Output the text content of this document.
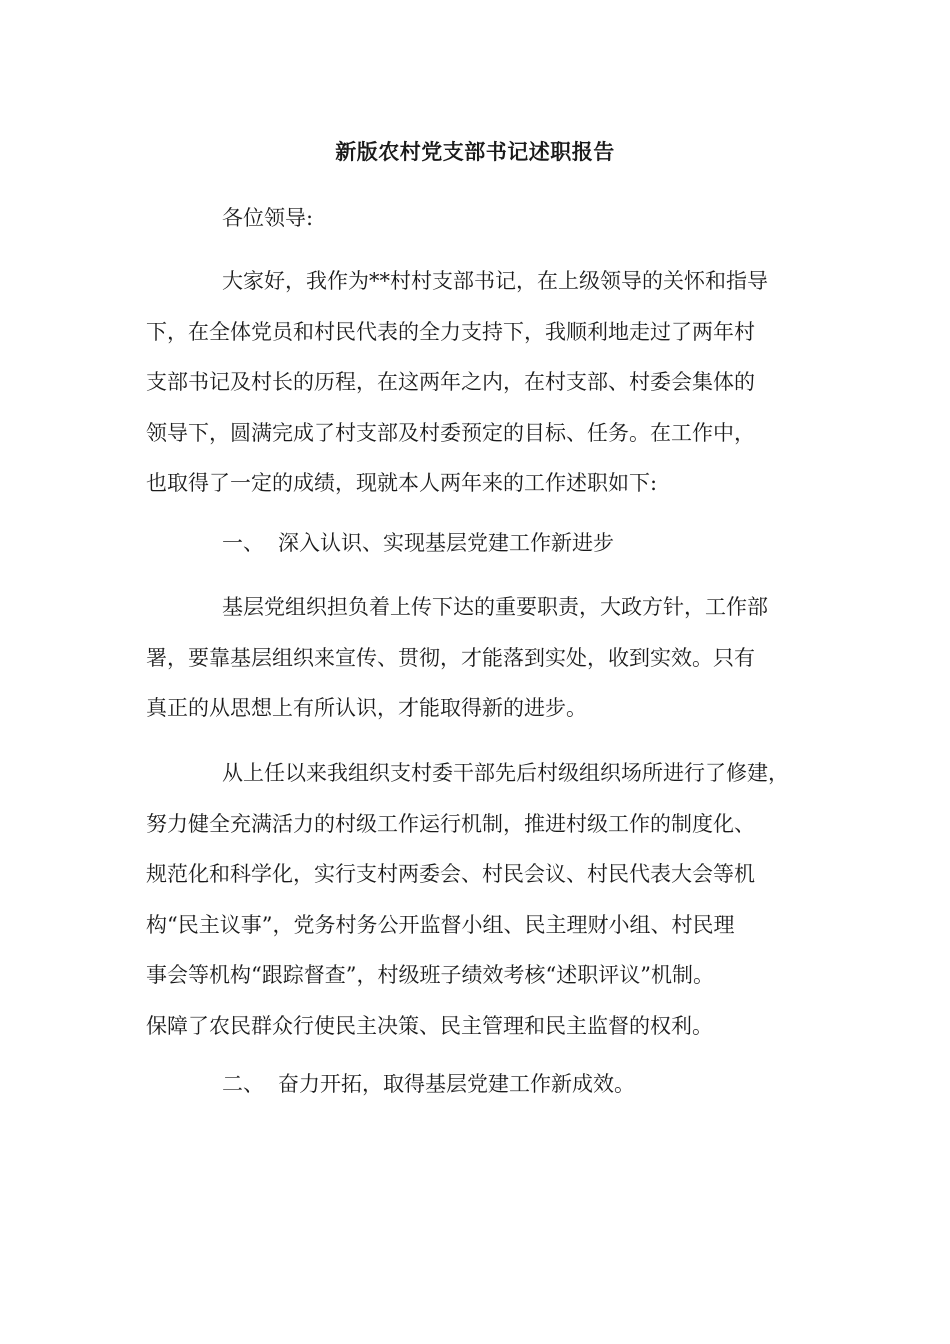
新版农村党支部书记述职报告
各位领导:
大家好，我作为**村村支部书记，在上级领导的关怀和指导
下，在全体党员和村民代表的全力支持下，我顺利地走过了两年村
支部书记及村长的历程，在这两年之内，在村支部、村委会集体的
领导下，圆满完成了村支部及村委预定的目标、任务。在工作中，
也取得了一定的成绩，现就本人两年来的工作述职如下:
一、 深入认识、实现基层党建工作新进步
基层党组织担负着上传下达的重要职责，大政方针，工作部
署，要靠基层组织来宣传、贯彻，才能落到实处，收到实效。只有
真正的从思想上有所认识，才能取得新的进步。
从上任以来我组织支村委干部先后村级组织场所进行了修建，
努力健全充满活力的村级工作运行机制，推进村级工作的制度化、
规范化和科学化，实行支村两委会、村民会议、村民代表大会等机
构“民主议事”，党务村务公开监督小组、民主理财小组、村民理
事会等机构“跟踪督查”，村级班子绩效考核“述职评议”机制。
保障了农民群众行使民主决策、民主管理和民主监督的权利。
二、 奋力开拓，取得基层党建工作新成效。
